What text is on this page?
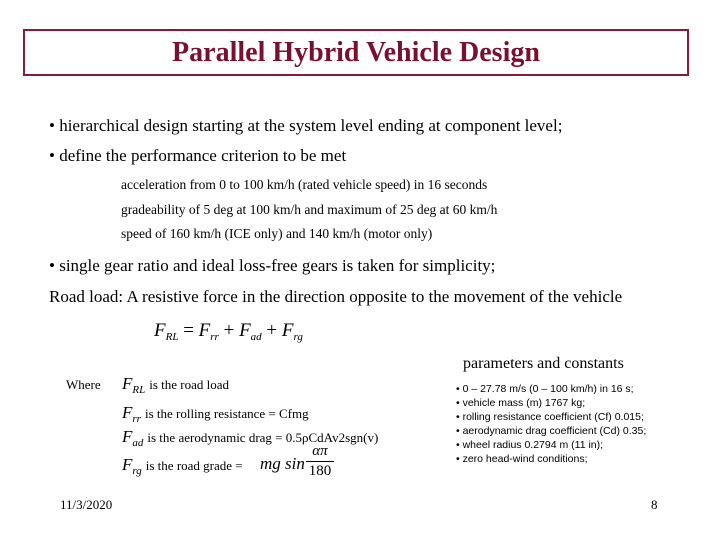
Parallel Hybrid Vehicle Design
• hierarchical design starting at the system level ending at component level;
• define the performance criterion to be met
acceleration from 0 to 100 km/h (rated vehicle speed) in 16 seconds
gradeability of 5 deg at 100 km/h and maximum of 25 deg at 60 km/h
speed of 160 km/h (ICE only) and 140 km/h (motor only)
• single gear ratio and ideal loss-free gears is taken for simplicity;
Road load: A resistive force in the direction opposite to the movement of the vehicle
$F_{RL} = F_{rr} + F_{ad} + F_{rg}$
parameters and constants
Where $F_{RL}$ is the road load
$F_{rr}$ is the rolling resistance = Cfmg
$F_{ad}$ is the aerodynamic drag = 0.5ρCdAv2sgn(v)
$F_{rg}$ is the road grade = mg sin
απ
180
• 0 – 27.78 m/s (0 – 100 km/h) in 16 s;
• vehicle mass (m) 1767 kg;
• rolling resistance coefficient (Cf) 0.015;
• aerodynamic drag coefficient (Cd) 0.35;
• wheel radius 0.2794 m (11 in);
• zero head-wind conditions;
11/3/2020	8
